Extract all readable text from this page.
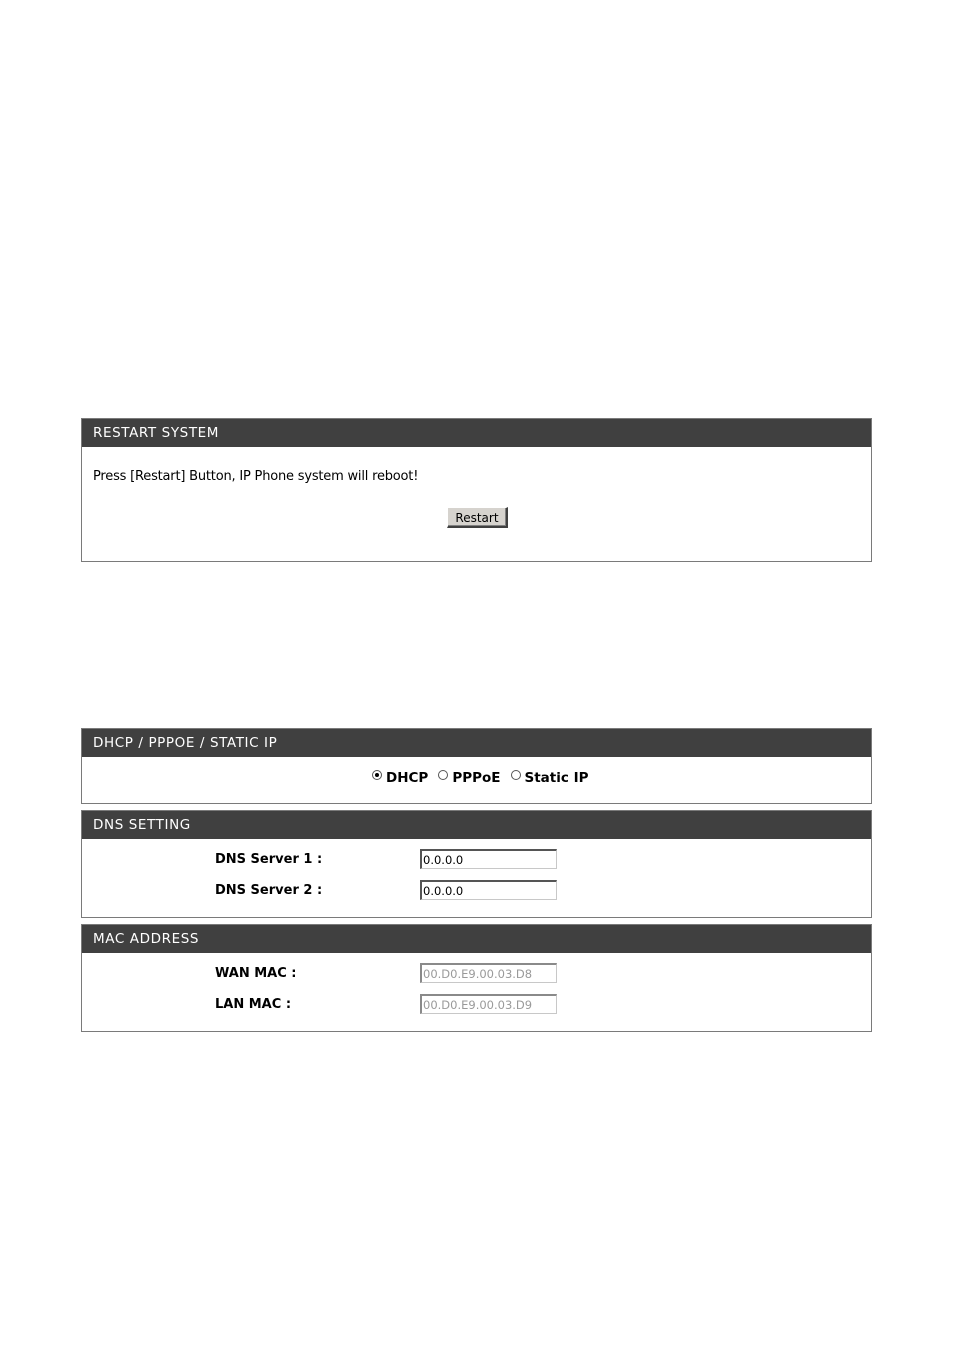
RESTART SYSTEM
Press [Restart] Button, IP Phone system will reboot!
Restart
DHCP / PPPOE / STATIC IP
DHCP PPPoE Static IP
DNS SETTING
DNS Server 1 :
0.0.0.0
DNS Server 2 :
0.0.0.0
MAC ADDRESS
WAN MAC :
00.D0.E9.00.03.D8
LAN MAC :
00.D0.E9.00.03.D9
